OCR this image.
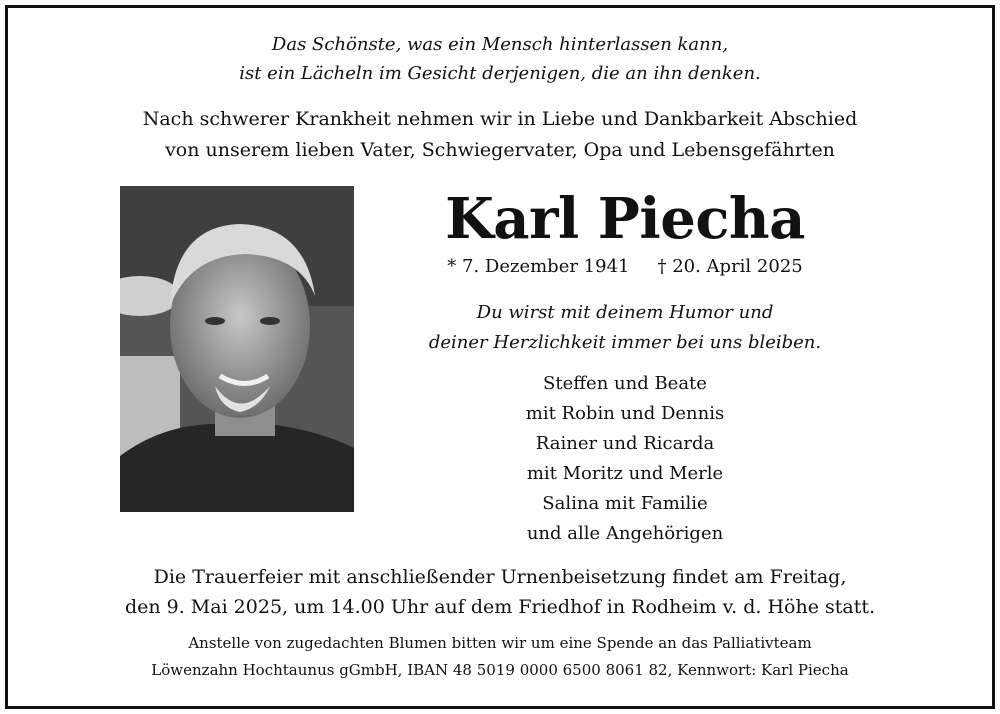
Das Schönste, was ein Mensch hinterlassen kann,
ist ein Lächeln im Gesicht derjenigen, die an ihn denken.
Nach schwerer Krankheit nehmen wir in Liebe und Dankbarkeit Abschied
von unserem lieben Vater, Schwiegervater, Opa und Lebensgefährten
Karl Piecha
* 7. Dezember 1941 † 20. April 2025
Du wirst mit deinem Humor und
deiner Herzlichkeit immer bei uns bleiben.
Steffen und Beate
mit Robin und Dennis
Rainer und Ricarda
mit Moritz und Merle
Salina mit Familie
und alle Angehörigen
Die Trauerfeier mit anschließender Urnenbeisetzung findet am Freitag,
den 9. Mai 2025, um 14.00 Uhr auf dem Friedhof in Rodheim v. d. Höhe statt.
Anstelle von zugedachten Blumen bitten wir um eine Spende an das Palliativteam
Löwenzahn Hochtaunus gGmbH, IBAN 48 5019 0000 6500 8061 82, Kennwort: Karl Piecha
